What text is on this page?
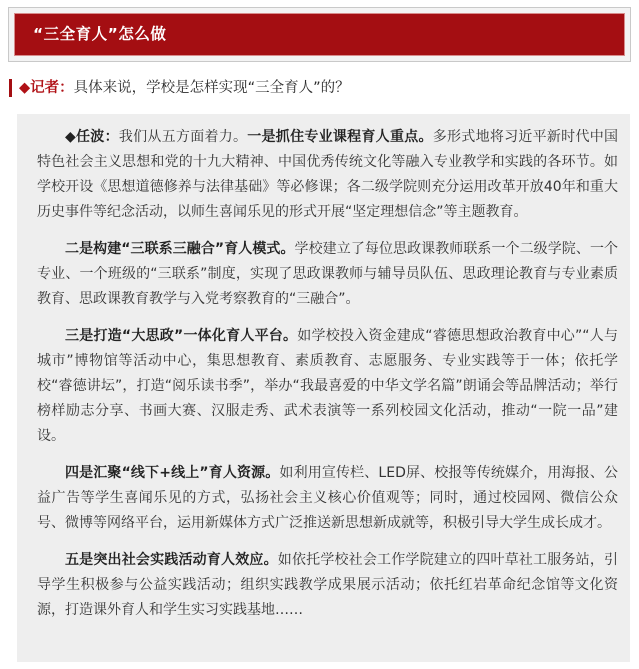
“三全育人”怎么做
◆记者：具体来说，学校是怎样实现“三全育人”的？

◆任波：我们从五方面着力。一是抓住专业课程育人重点。多形式地将习近平新时代中国特色社会主义思想和党的十九大精神、中国优秀传统文化等融入专业教学和实践的各环节。如学校开设《思想道德修养与法律基础》等必修课；各二级学院则充分运用改革开放40年和重大历史事件等纪念活动，以师生喜闻乐见的形式开展“坚定理想信念”等主题教育。

二是构建“三联系三融合”育人模式。学校建立了每位思政课教师联系一个二级学院、一个专业、一个班级的“三联系”制度，实现了思政课教师与辅导员队伍、思政理论教育与专业素质教育、思政课教育教学与入党考察教育的“三融合”。

三是打造“大思政”一体化育人平台。如学校投入资金建成“睿德思想政治教育中心”“人与城市”博物馆等活动中心，集思想教育、素质教育、志愿服务、专业实践等于一体；依托学校“睿德讲坛”，打造“阅乐读书季”，举办“我最喜爱的中华文学名篇”朗诵会等品牌活动；举行榜样励志分享、书画大赛、汉服走秀、武术表演等一系列校园文化活动，推动“一院一品”建设。

四是汇聚“线下+线上”育人资源。如利用宣传栏、LED屏、校报等传统媒介，用海报、公益广告等学生喜闻乐见的方式，弘扬社会主义核心价值观等；同时，通过校园网、微信公众号、微博等网络平台，运用新媒体方式广泛推送新思想新成就等，积极引导大学生成长成才。

五是突出社会实践活动育人效应。如依托学校社会工作学院建立的四叶草社工服务站，引导学生积极参与公益实践活动；组织实践教学成果展示活动；依托红岩革命纪念馆等文化资源，打造课外育人和学生实习实践基地……
